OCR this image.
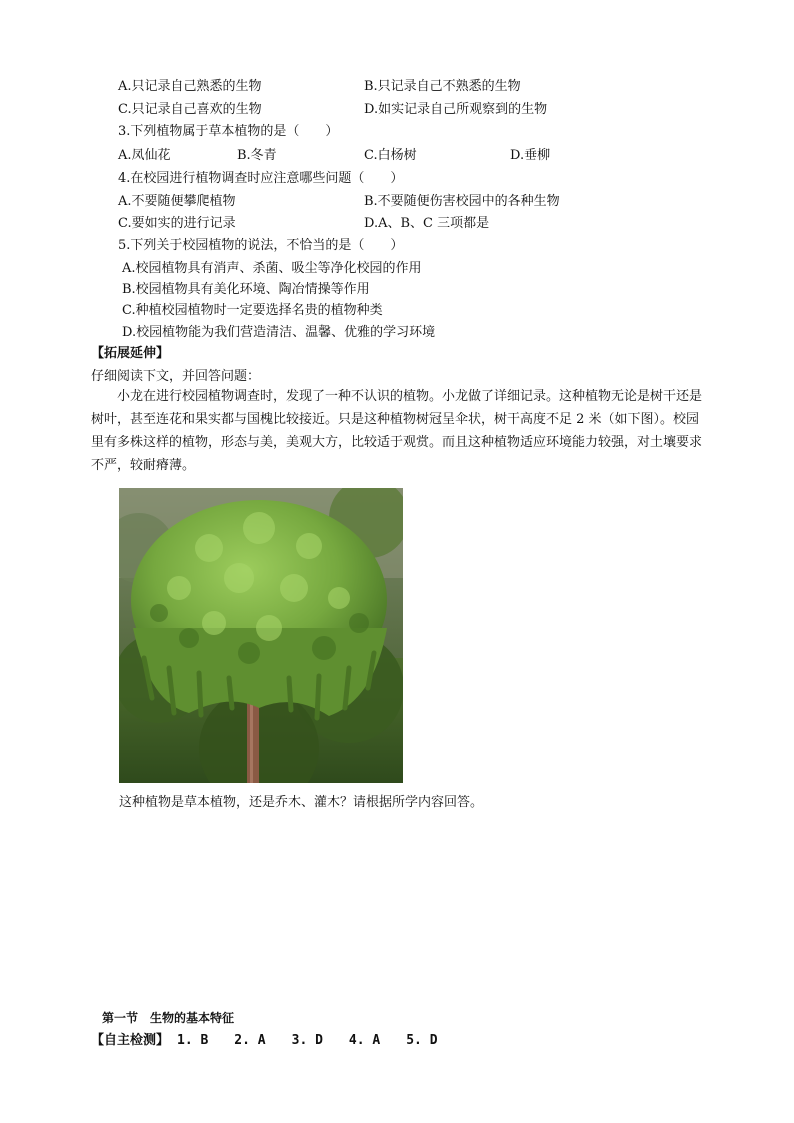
A.只记录自己熟悉的生物	B.只记录自己不熟悉的生物
C.只记录自己喜欢的生物	D.如实记录自己所观察到的生物
3.下列植物属于草本植物的是（　　）
A.凤仙花	B.冬青	C.白杨树	D.垂柳
4.在校园进行植物调查时应注意哪些问题（　　）
A.不要随便攀爬植物	B.不要随便伤害校园中的各种生物
C.要如实的进行记录	D.A、B、C 三项都是
5.下列关于校园植物的说法，不恰当的是（　　）
A.校园植物具有消声、杀菌、吸尘等净化校园的作用
B.校园植物具有美化环境、陶冶情操等作用
C.种植校园植物时一定要选择名贵的植物种类
D.校园植物能为我们营造清洁、温馨、优雅的学习环境
【拓展延伸】
仔细阅读下文，并回答问题：
小龙在进行校园植物调查时，发现了一种不认识的植物。小龙做了详细记录。这种植物无论是树干还是树叶，甚至连花和果实都与国槐比较接近。只是这种植物树冠呈伞状，树干高度不足 2 米（如下图）。校园里有多株这样的植物，形态与美，美观大方，比较适于观赏。而且这种植物适应环境能力较强，对土壤要求不严，较耐瘠薄。
这种植物是草本植物，还是乔木、灌木？请根据所学内容回答。
第一节　生物的基本特征
【自主检测】 1. B　　2. A　　3. D　　4. A　　5. D
